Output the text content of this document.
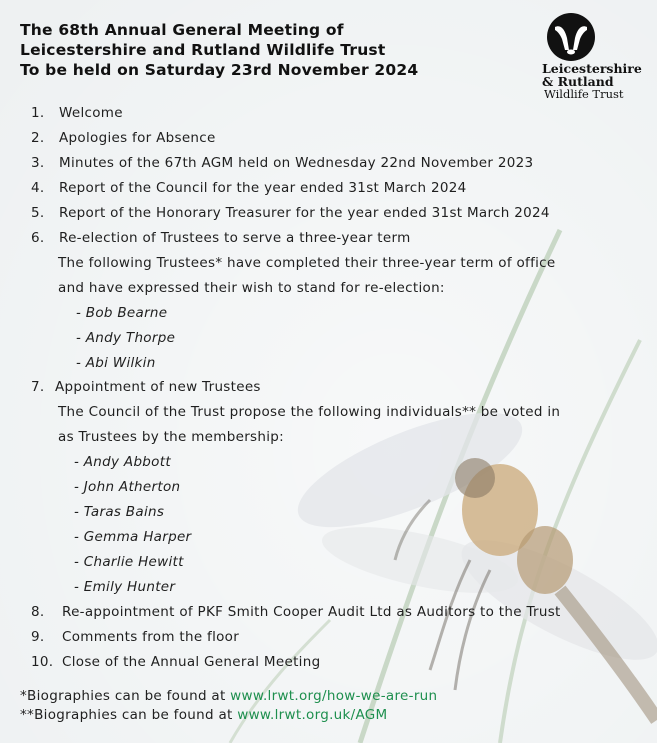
The 68th Annual General Meeting of
Leicestershire and Rutland Wildlife Trust
To be held on Saturday 23rd November 2024	Leicestershire
& Rutland
Wildlife Trust
1. Welcome
2. Apologies for Absence
3. Minutes of the 67th AGM held on Wednesday 22nd November 2023
4. Report of the Council for the year ended 31st March 2024
5. Report of the Honorary Treasurer for the year ended 31st March 2024
6. Re-election of Trustees to serve a three-year term
The following Trustees* have completed their three-year term of office
and have expressed their wish to stand for re-election:
- Bob Bearne
- Andy Thorpe
- Abi Wilkin
7. Appointment of new Trustees
The Council of the Trust propose the following individuals** be voted in
as Trustees by the membership:
- Andy Abbott
- John Atherton
- Taras Bains
- Gemma Harper
- Charlie Hewitt
- Emily Hunter
8. Re-appointment of PKF Smith Cooper Audit Ltd as Auditors to the Trust
9. Comments from the floor
10. Close of the Annual General Meeting
*Biographies can be found at www.lrwt.org/how-we-are-run
**Biographies can be found at www.lrwt.org.uk/AGM
